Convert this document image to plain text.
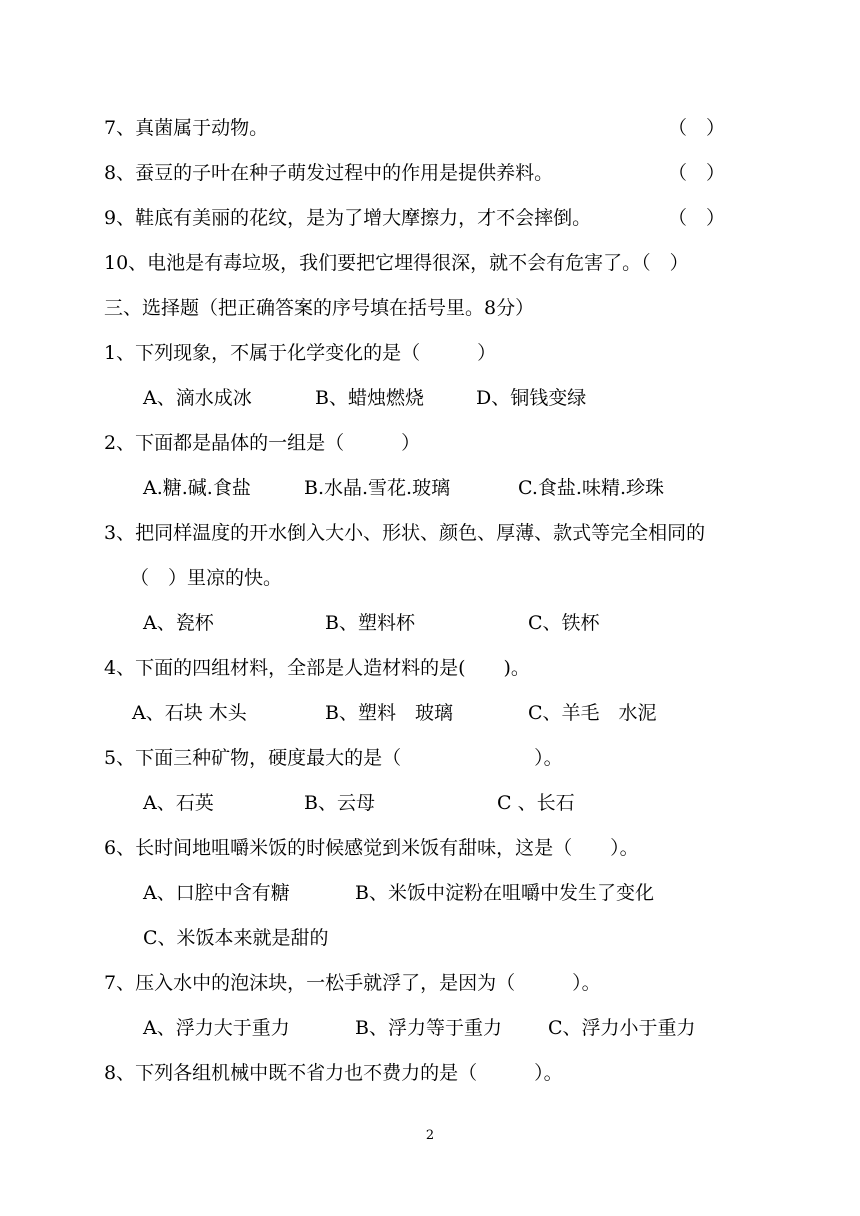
7、真菌属于动物。	（　）
8、蚕豆的子叶在种子萌发过程中的作用是提供养料。	（　）
9、鞋底有美丽的花纹，是为了增大摩擦力，才不会摔倒。	（　）
10、电池是有毒垃圾，我们要把它埋得很深，就不会有危害了。（　）
三、选择题（把正确答案的序号填在括号里。8分）
1、下列现象，不属于化学变化的是（　　　）
A、滴水成冰	B、蜡烛燃烧	D、铜钱变绿
2、下面都是晶体的一组是（　　　）
A.糖.碱.食盐	B.水晶.雪花.玻璃	C.食盐.味精.珍珠
3、把同样温度的开水倒入大小、形状、颜色、厚薄、款式等完全相同的
（　）里凉的快。
A、瓷杯	B、塑料杯	C、铁杯
4、下面的四组材料，全部是人造材料的是(　　)。
A、石块 木头	B、塑料　玻璃	C、羊毛　水泥
5、下面三种矿物，硬度最大的是（　　　　　　　）。
A、石英	B、云母	C 、长石
6、长时间地咀嚼米饭的时候感觉到米饭有甜味，这是（　　）。
A、口腔中含有糖	B、米饭中淀粉在咀嚼中发生了变化
C、米饭本来就是甜的
7、压入水中的泡沫块，一松手就浮了，是因为（　　　）。
A、浮力大于重力	B、浮力等于重力 C、浮力小于重力
8、下列各组机械中既不省力也不费力的是（　　　）。
2
